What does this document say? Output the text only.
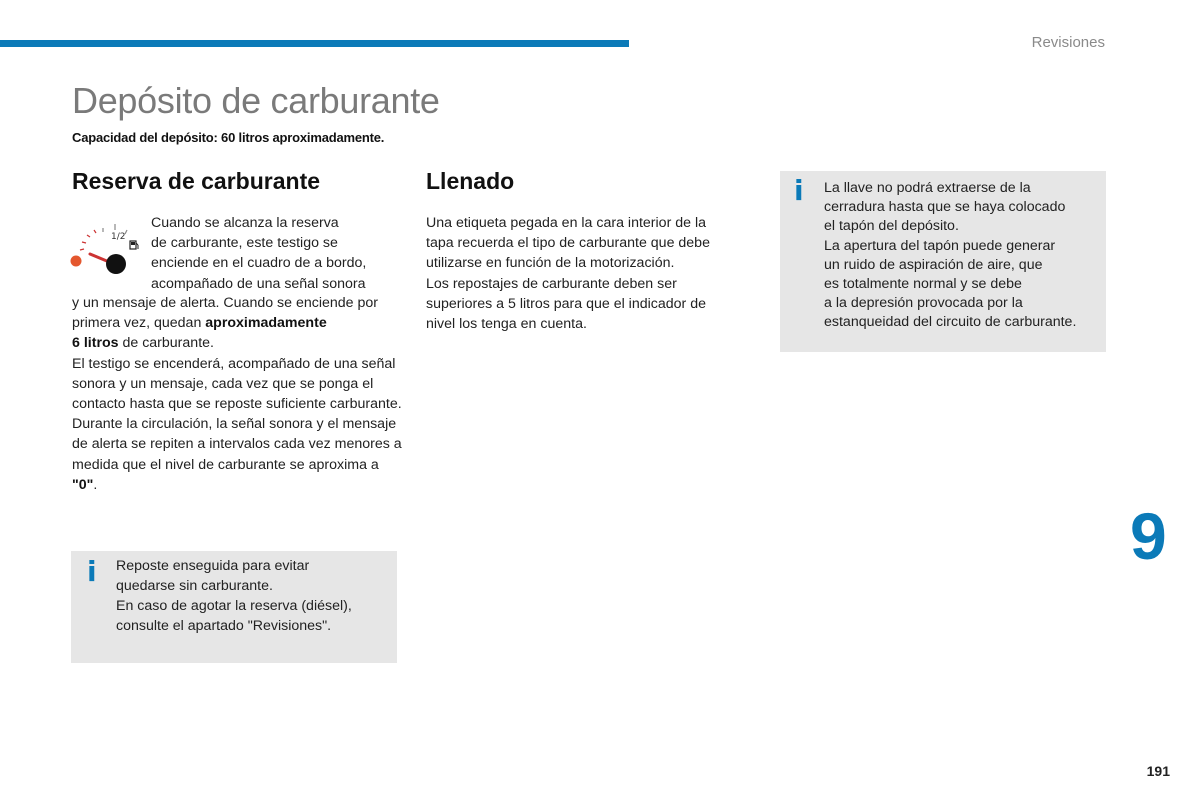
Revisiones
Depósito de carburante
Capacidad del depósito: 60 litros aproximadamente.
Reserva de carburante
1/2
Cuando se alcanza la reserva
de carburante, este testigo se
enciende en el cuadro de a bordo,
acompañado de una señal sonora

y un mensaje de alerta. Cuando se enciende por primera vez, quedan aproximadamente
6 litros de carburante.

El testigo se encenderá, acompañado de una señal sonora y un mensaje, cada vez que se ponga el contacto hasta que se reposte suficiente carburante. Durante la circulación, la señal sonora y el mensaje de alerta se repiten a intervalos cada vez menores a medida que el nivel de carburante se aproxima a "0".

i Reposte enseguida para evitar
quedarse sin carburante.
En caso de agotar la reserva (diésel),
consulte el apartado "Revisiones".
Llenado
Una etiqueta pegada en la cara interior de la
tapa recuerda el tipo de carburante que debe
utilizarse en función de la motorización.
Los repostajes de carburante deben ser
superiores a 5 litros para que el indicador de
nivel los tenga en cuenta.
i La llave no podrá extraerse de la
cerradura hasta que se haya colocado
el tapón del depósito.
La apertura del tapón puede generar
un ruido de aspiración de aire, que
es totalmente normal y se debe
a la depresión provocada por la
estanqueidad del circuito de carburante.
9
191
